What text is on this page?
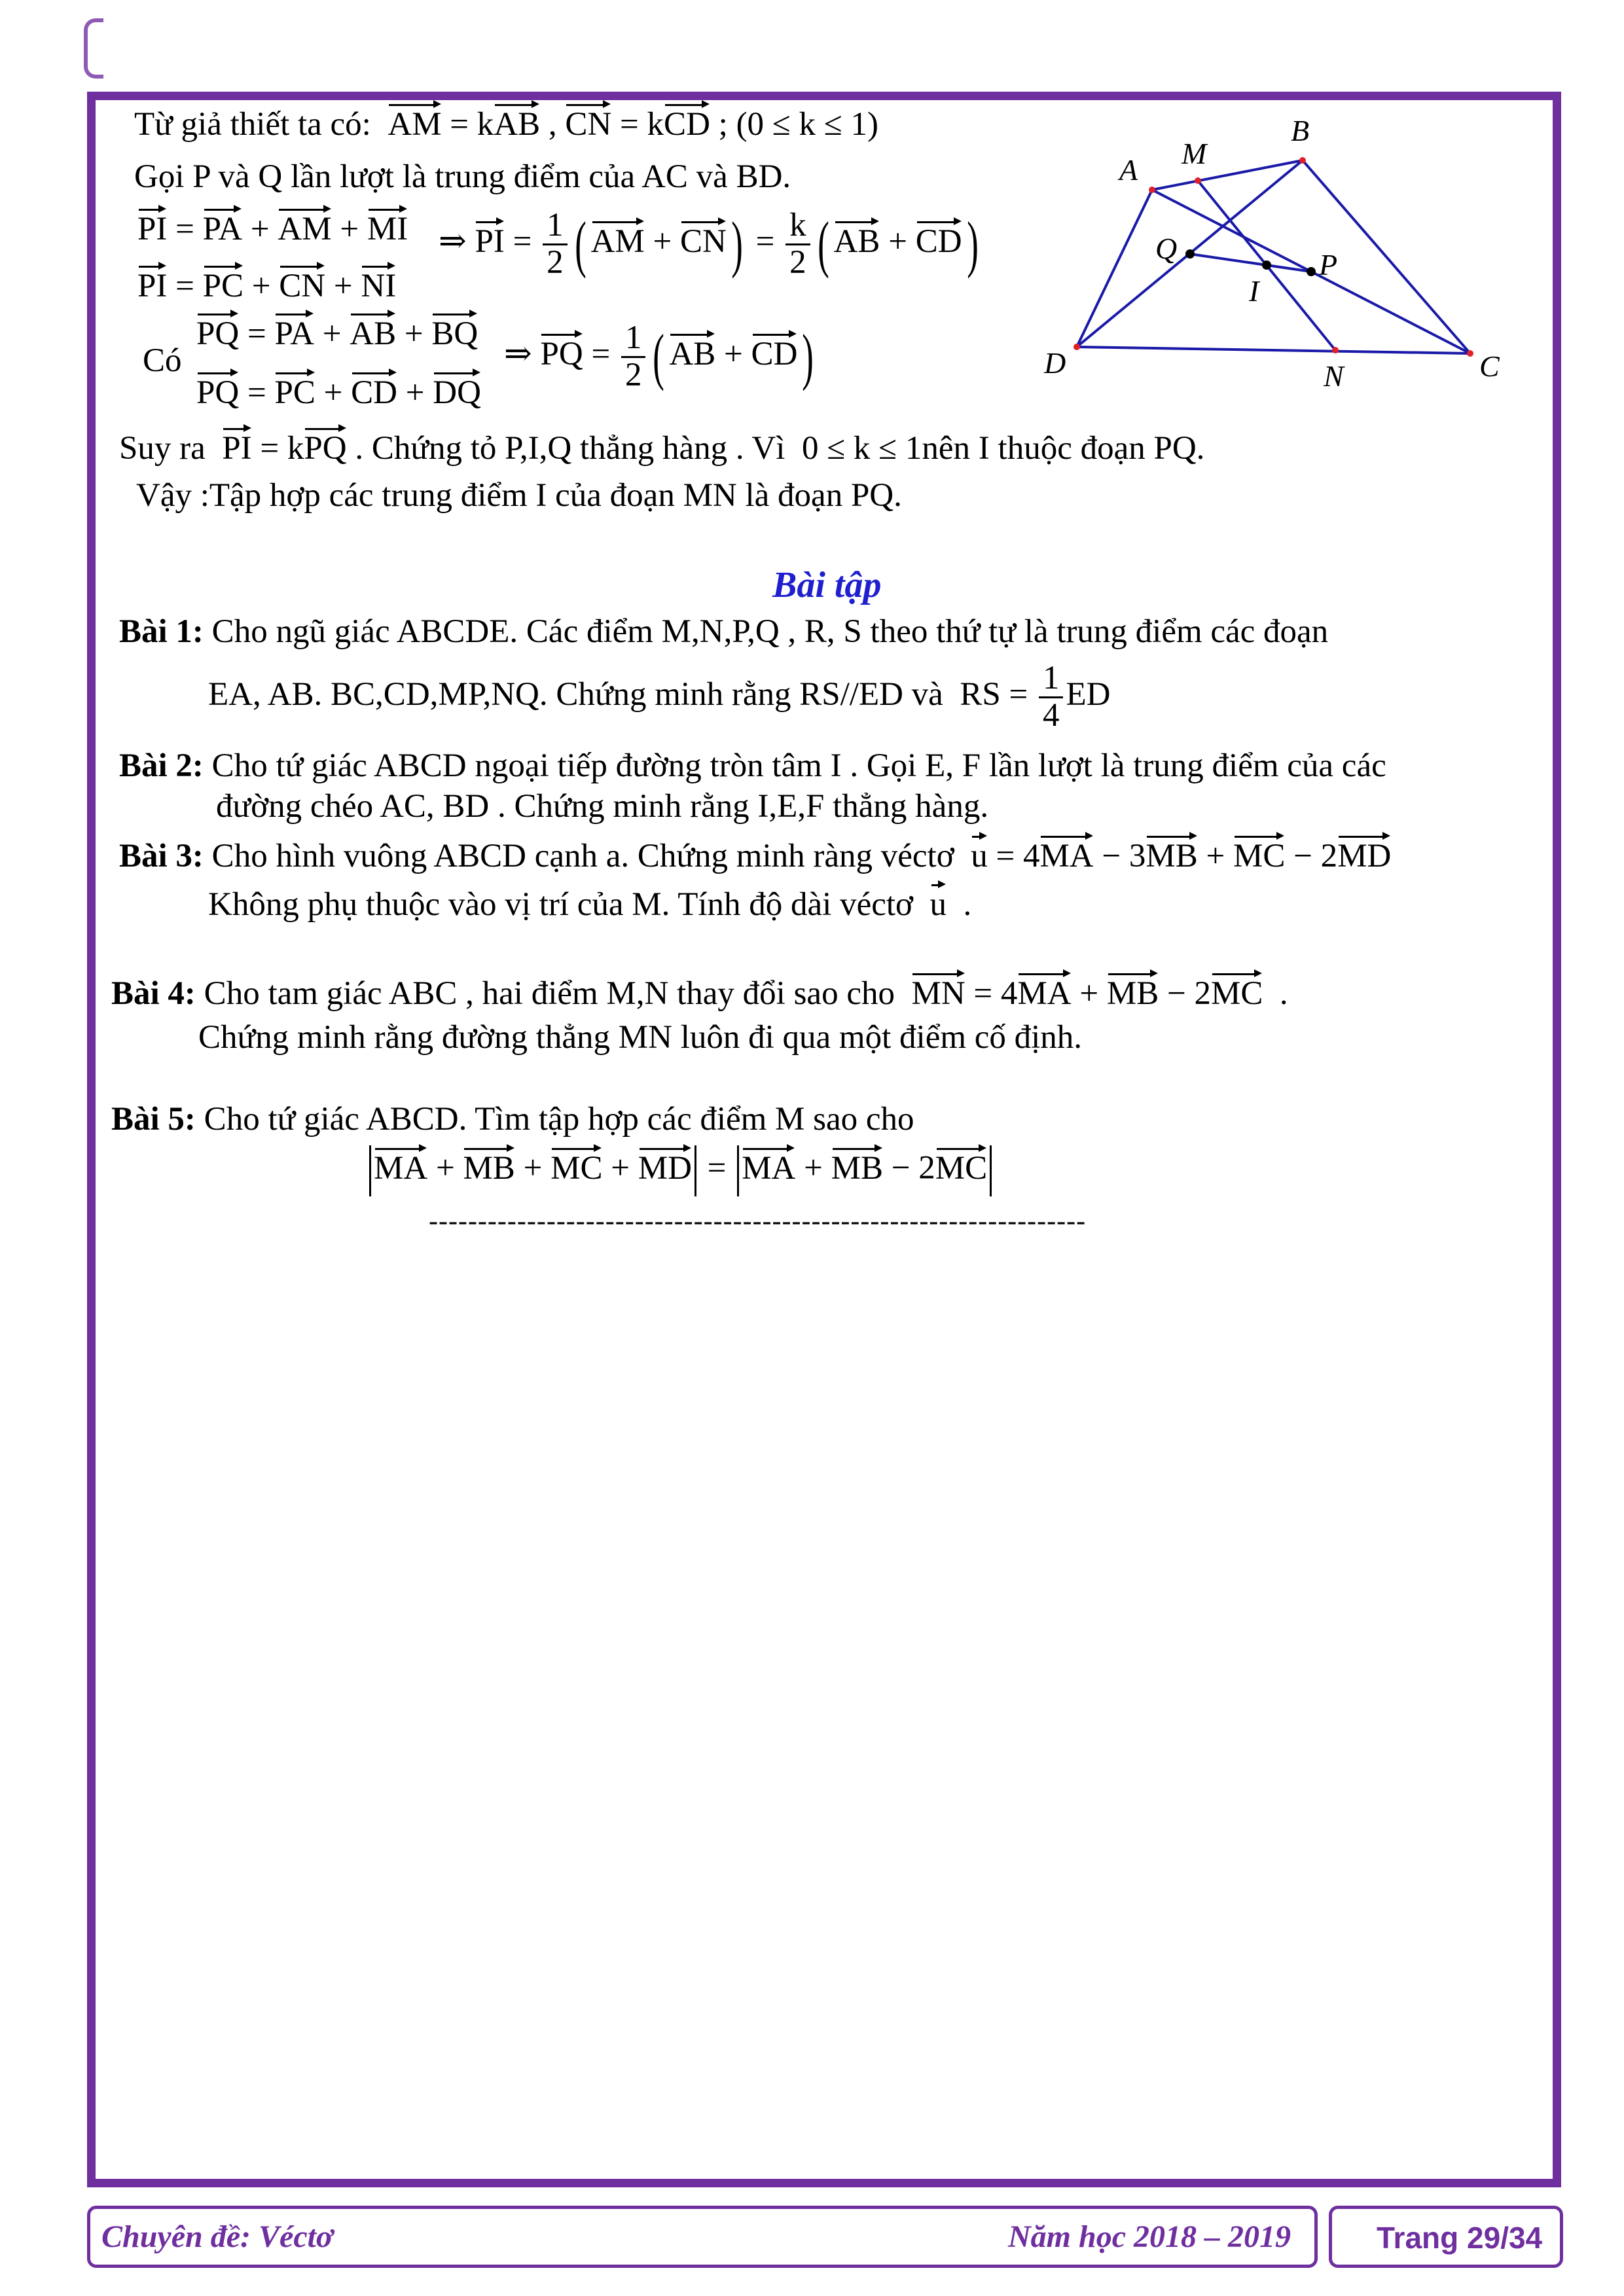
Từ giả thiết ta có: AM = kAB , CN = kCD ; (0 ≤ k ≤ 1)
Gọi P và Q lần lượt là trung điểm của AC và BD.
PI = PA + AM + MI
PI = PC + CN + NI
⇒ PI = $\frac{1}{2}$ ( AM + $CN) = \frac{k}{2}$ ( AB + CD)
Có
PQ = PA + AB + BQ
PQ = PC + CD + DQ
⇒ PQ = $\frac{1}{2}$ ( AB + CD)
Suy ra PI = kPQ . Chứng tỏ P,I,Q thẳng hàng . Vì 0 ≤ k ≤ 1nên I thuộc đoạn PQ.
Vậy :Tập hợp các trung điểm I của đoạn MN là đoạn PQ.
A M
B
Q
I
P
D	N	C
Bài tập
Bài 1: Cho ngũ giác ABCDE. Các điểm M,N,P,Q , R, S theo thứ tự là trung điểm các đoạn
EA, AB. BC,CD,MP,NQ. Chứng minh rằng RS//ED và  RS = $\frac{1}{4}$ ED
Bài 2: Cho tứ giác ABCD ngoại tiếp đường tròn tâm I . Gọi E, F lần lượt là trung điểm của các
đường chéo AC, BD . Chứng minh rằng I,E,F thẳng hàng.
Bài 3: Cho hình vuông ABCD cạnh a. Chứng minh ràng véctơ u = 4MA − 3MB + MC − 2MD
Không phụ thuộc vào vị trí của M. Tính độ dài véctơ u  .
Bài 4: Cho tam giác ABC , hai điểm M,N thay đổi sao cho MN = 4MA + MB − 2MC  .
Chứng minh rằng đường thẳng MN luôn đi qua một điểm cố định.
Bài 5: Cho tứ giác ABCD. Tìm tập hợp các điểm M sao cho
MA + MB + MC + MD = MA + MB − 2MC
-------------------------------------------------------------------
Chuyên đề: Véctơ	Năm học 2018 – 2019	Trang 29/34
